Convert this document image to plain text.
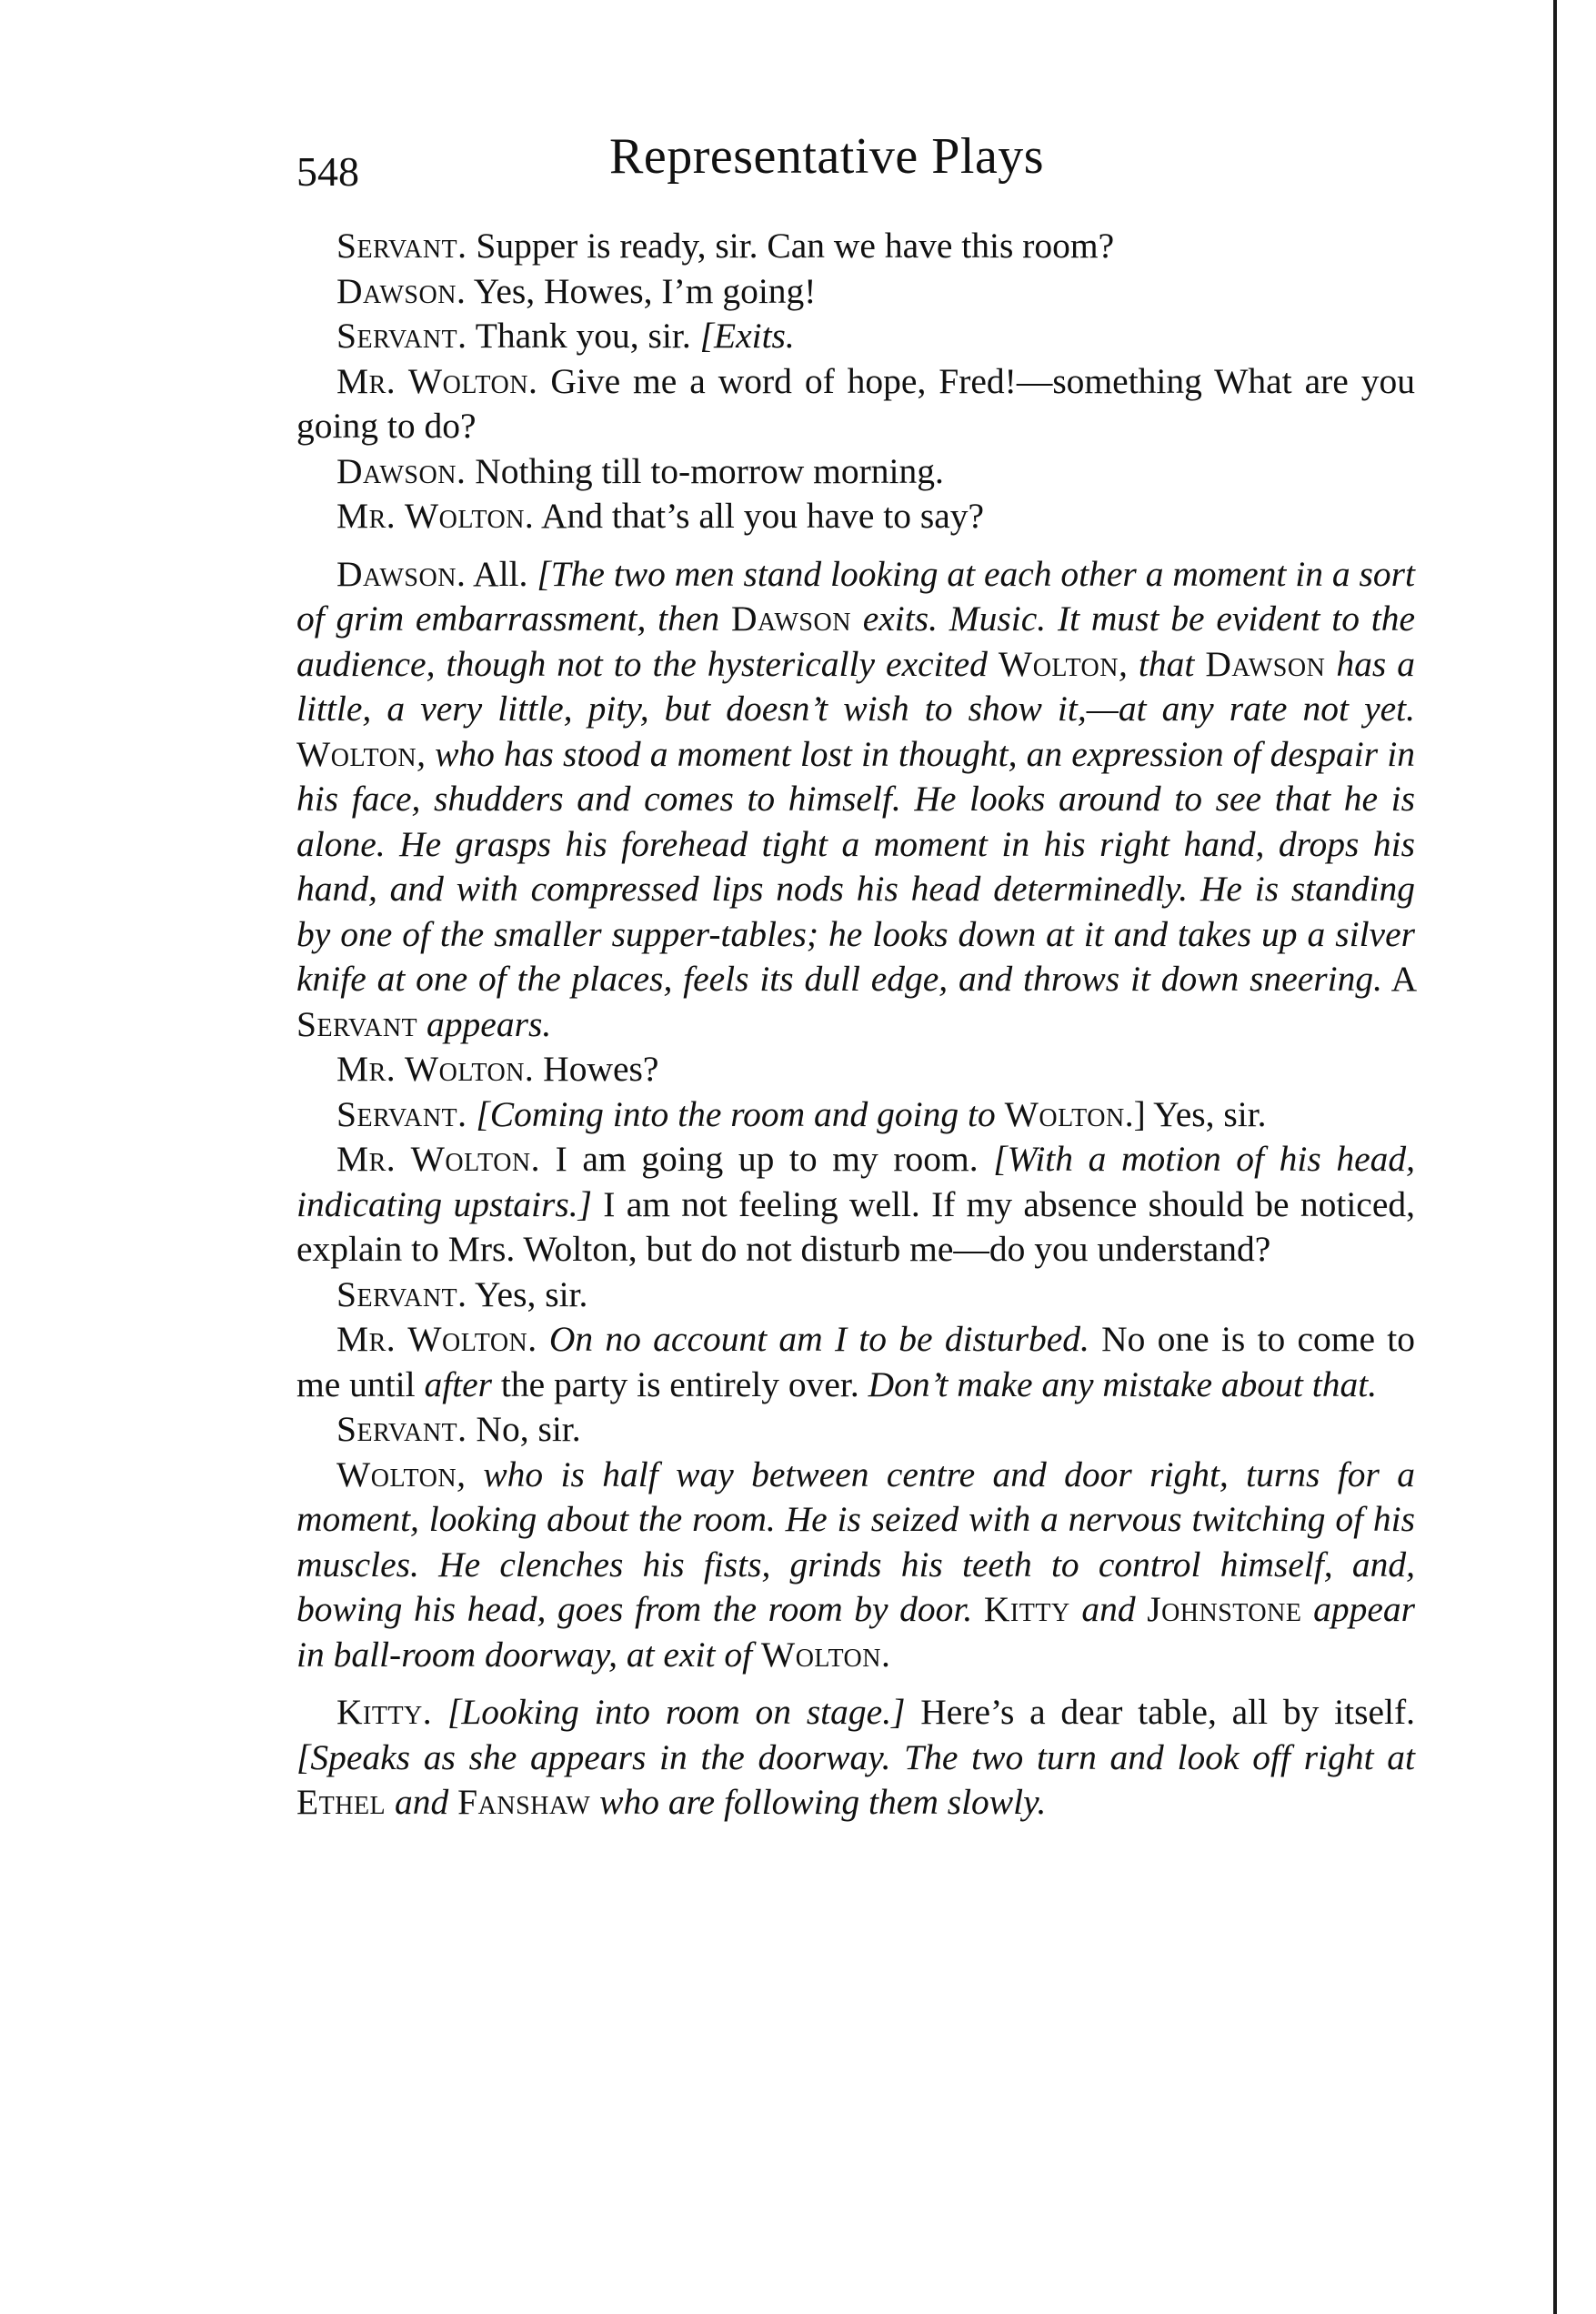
548	Representative Plays

Servant. Supper is ready, sir. Can we have this room?

Dawson. Yes, Howes, I’m going!

Servant. Thank you, sir. [Exits.

Mr. Wolton. Give me a word of hope, Fred!—something What are you going to do?

Dawson. Nothing till to-morrow morning.

Mr. Wolton. And that’s all you have to say?

Dawson. All. [The two men stand looking at each other a moment in a sort of grim embarrassment, then Dawson exits. Music. It must be evident to the audience, though not to the hysterically excited Wolton, that Dawson has a little, a very little, pity, but doesn’t wish to show it,—at any rate not yet. Wolton, who has stood a moment lost in thought, an expression of despair in his face, shudders and comes to himself. He looks around to see that he is alone. He grasps his forehead tight a moment in his right hand, drops his hand, and with compressed lips nods his head determinedly. He is standing by one of the smaller supper-tables; he looks down at it and takes up a silver knife at one of the places, feels its dull edge, and throws it down sneering. A Servant appears.

Mr. Wolton. Howes?

Servant. [Coming into the room and going to Wolton.] Yes, sir.

Mr. Wolton. I am going up to my room. [With a motion of his head, indicating upstairs.] I am not feeling well. If my absence should be noticed, explain to Mrs. Wolton, but do not disturb me—do you understand?

Servant. Yes, sir.

Mr. Wolton. On no account am I to be disturbed. No one is to come to me until after the party is entirely over. Don’t make any mistake about that.

Servant. No, sir.

Wolton, who is half way between centre and door right, turns for a moment, looking about the room. He is seized with a nervous twitching of his muscles. He clenches his fists, grinds his teeth to control himself, and, bowing his head, goes from the room by door. Kitty and Johnstone appear in ball-room doorway, at exit of Wolton.

Kitty. [Looking into room on stage.] Here’s a dear table, all by itself. [Speaks as she appears in the doorway. The two turn and look off right at Ethel and Fanshaw who are following them slowly.
